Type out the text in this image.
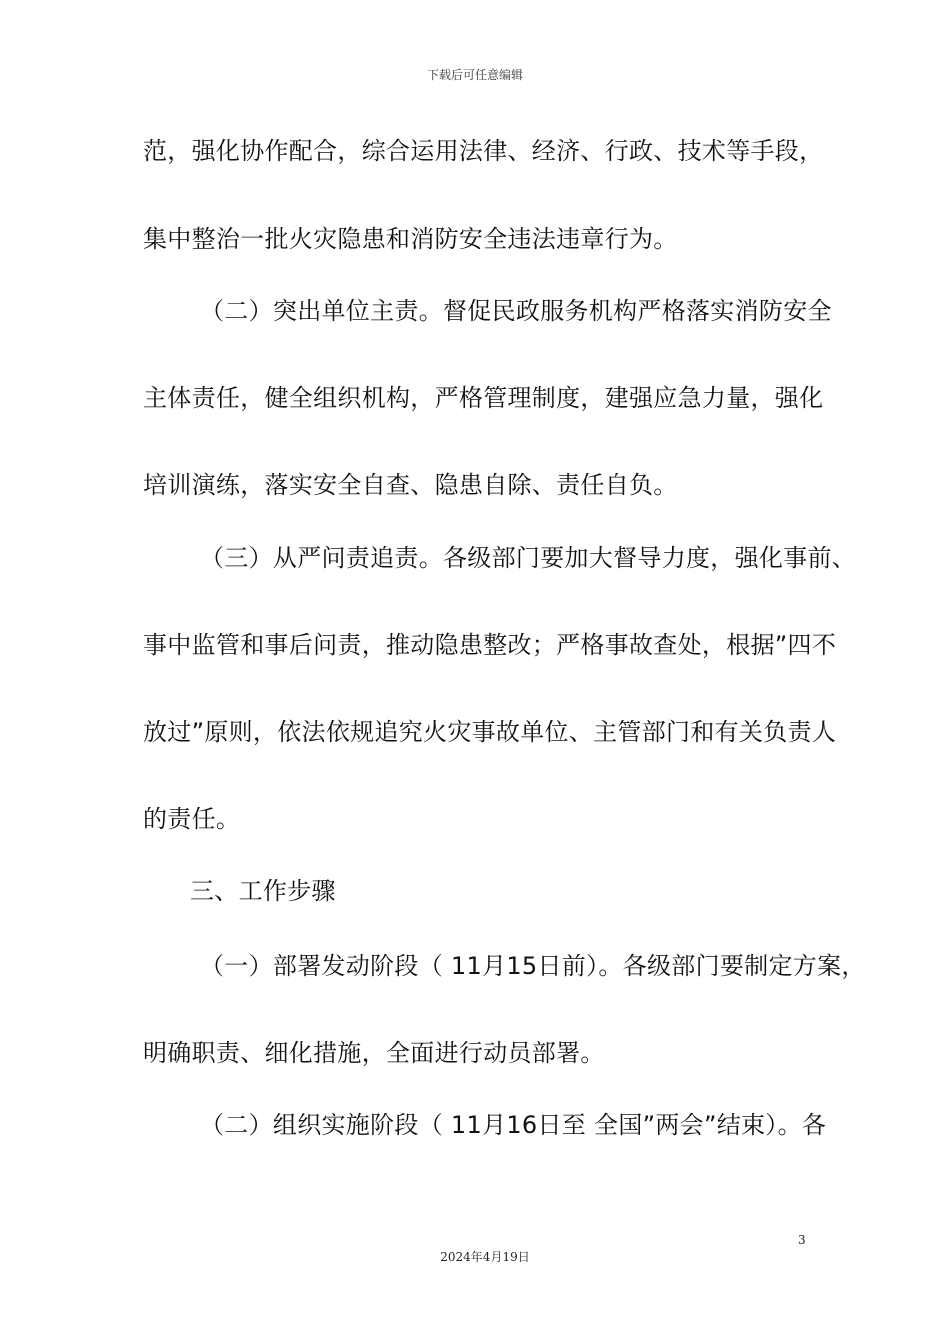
下载后可任意编辑
范，强化协作配合，综合运用法律、经济、行政、技术等手段，
集中整治一批火灾隐患和消防安全违法违章行为。
（二）突出单位主责。督促民政服务机构严格落实消防安全
主体责任，健全组织机构，严格管理制度，建强应急力量，强化
培训演练，落实安全自查、隐患自除、责任自负。
（三）从严问责追责。各级部门要加大督导力度，强化事前、
事中监管和事后问责，推动隐患整改；严格事故查处，根据”四不
放过”原则，依法依规追究火灾事故单位、主管部门和有关负责人
的责任。
三、工作步骤
（一）部署发动阶段（ 11月15日前）。各级部门要制定方案，
明确职责、细化措施，全面进行动员部署。
（二）组织实施阶段（ 11月16日至 全国”两会”结束）。各
3
2024年4月19日
